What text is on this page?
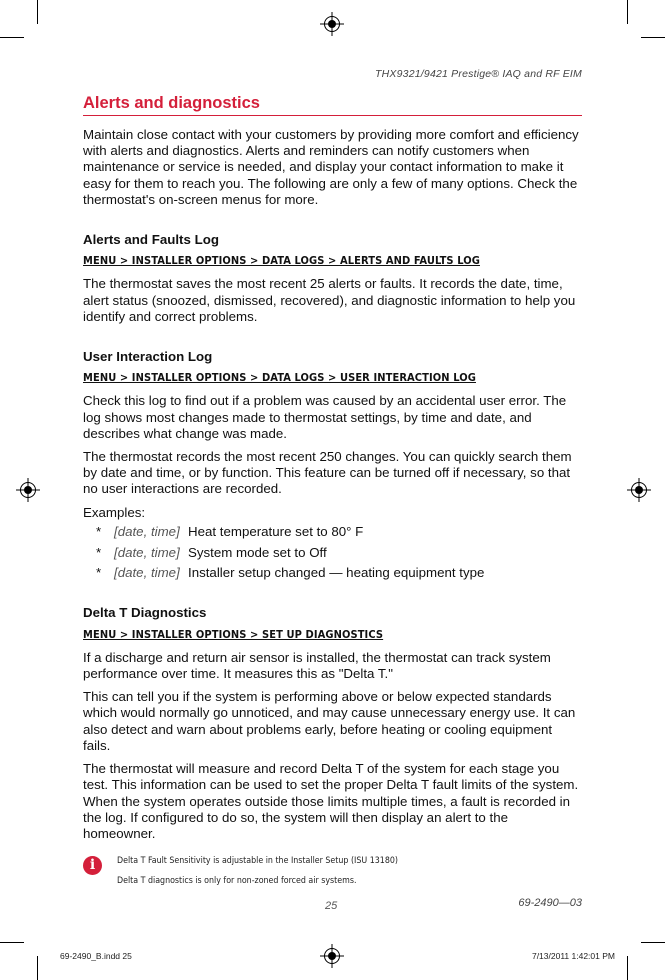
THX9321/9421 Prestige® IAQ and RF EIM
Alerts and diagnostics

Maintain close contact with your customers by providing more comfort and efficiency with alerts and diagnostics. Alerts and reminders can notify customers when maintenance or service is needed, and display your contact information to make it easy for them to reach you. The following are only a few of many options. Check the thermostat's on-screen menus for more.

Alerts and Faults Log
MENU > INSTALLER OPTIONS > DATA LOGS > ALERTS AND FAULTS LOG

The thermostat saves the most recent 25 alerts or faults. It records the date, time, alert status (snoozed, dismissed, recovered), and diagnostic information to help you identify and correct problems.

User Interaction Log
MENU > INSTALLER OPTIONS > DATA LOGS > USER INTERACTION LOG

Check this log to find out if a problem was caused by an accidental user error. The log shows most changes made to thermostat settings, by time and date, and describes what change was made.

The thermostat records the most recent 250 changes. You can quickly search them by date and time, or by function. This feature can be turned off if necessary, so that no user interactions are recorded.

Examples:

* [date, time] Heat temperature set to 80° F
* [date, time] System mode set to Off
* [date, time] Installer setup changed — heating equipment type
Delta T Diagnostics
MENU > INSTALLER OPTIONS > SET UP DIAGNOSTICS

If a discharge and return air sensor is installed, the thermostat can track system performance over time. It measures this as "Delta T."

This can tell you if the system is performing above or below expected standards which would normally go unnoticed, and may cause unnecessary energy use. It can also detect and warn about problems early, before heating or cooling equipment fails.

The thermostat will measure and record Delta T of the system for each stage you test. This information can be used to set the proper Delta T fault limits of the system. When the system operates outside those limits multiple times, a fault is recorded in the log. If configured to do so, the system will then display an alert to the homeowner.

i	Delta T Fault Sensitivity is adjustable in the Installer Setup (ISU 13180)
Delta T diagnostics is only for non-zoned forced air systems.
25	69-2490—03
69-2490_B.indd 25	7/13/2011 1:42:01 PM
